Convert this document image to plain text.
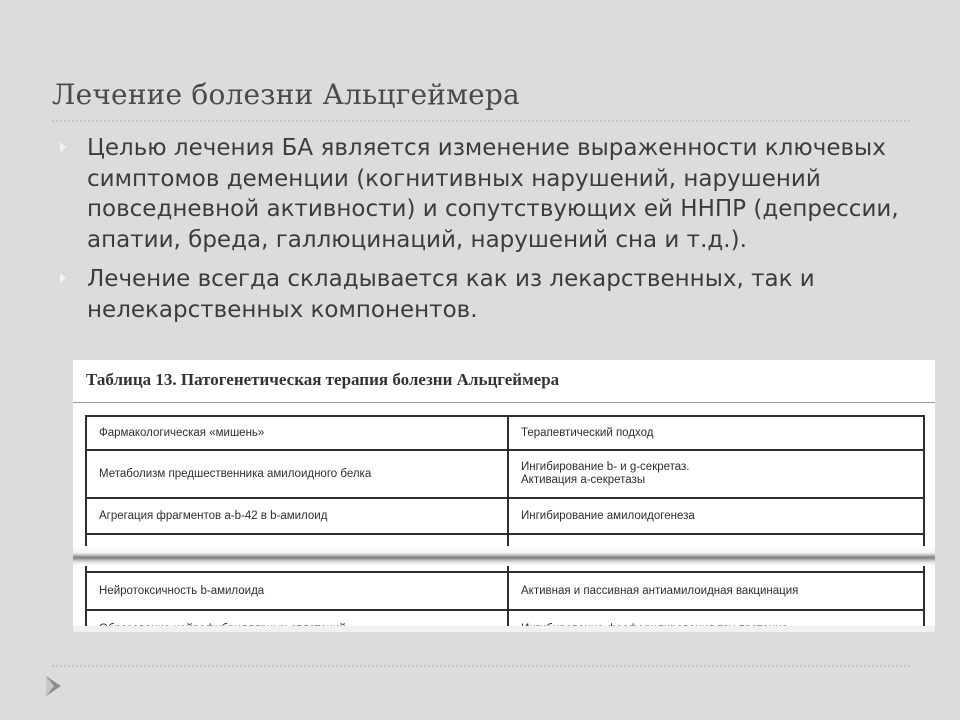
Лечение болезни Альцгеймера
Целью лечения БА является изменение выраженности ключевых симптомов деменции (когнитивных нарушений, нарушений повседневной активности) и сопутствующих ей ННПР (депрессии, апатии, бреда, галлюцинаций, нарушений сна и т.д.).
Лечение всегда складывается как из лекарственных, так и нелекарственных компонентов.
Таблица 13. Патогенетическая терапия болезни Альцгеймера
Фармакологическая «мишень»	Терапевтический подход
Метаболизм предшественника амилоидного белка	Ингибирование b- и g-секретаз.
Активация a-секретазы

Агрегация фрагментов a-b-42 в b-амилоид	Ингибирование амилоидогенеза

Нейротоксичность b-амилоида	Активная и пассивная антиамилоидная вакцинация
